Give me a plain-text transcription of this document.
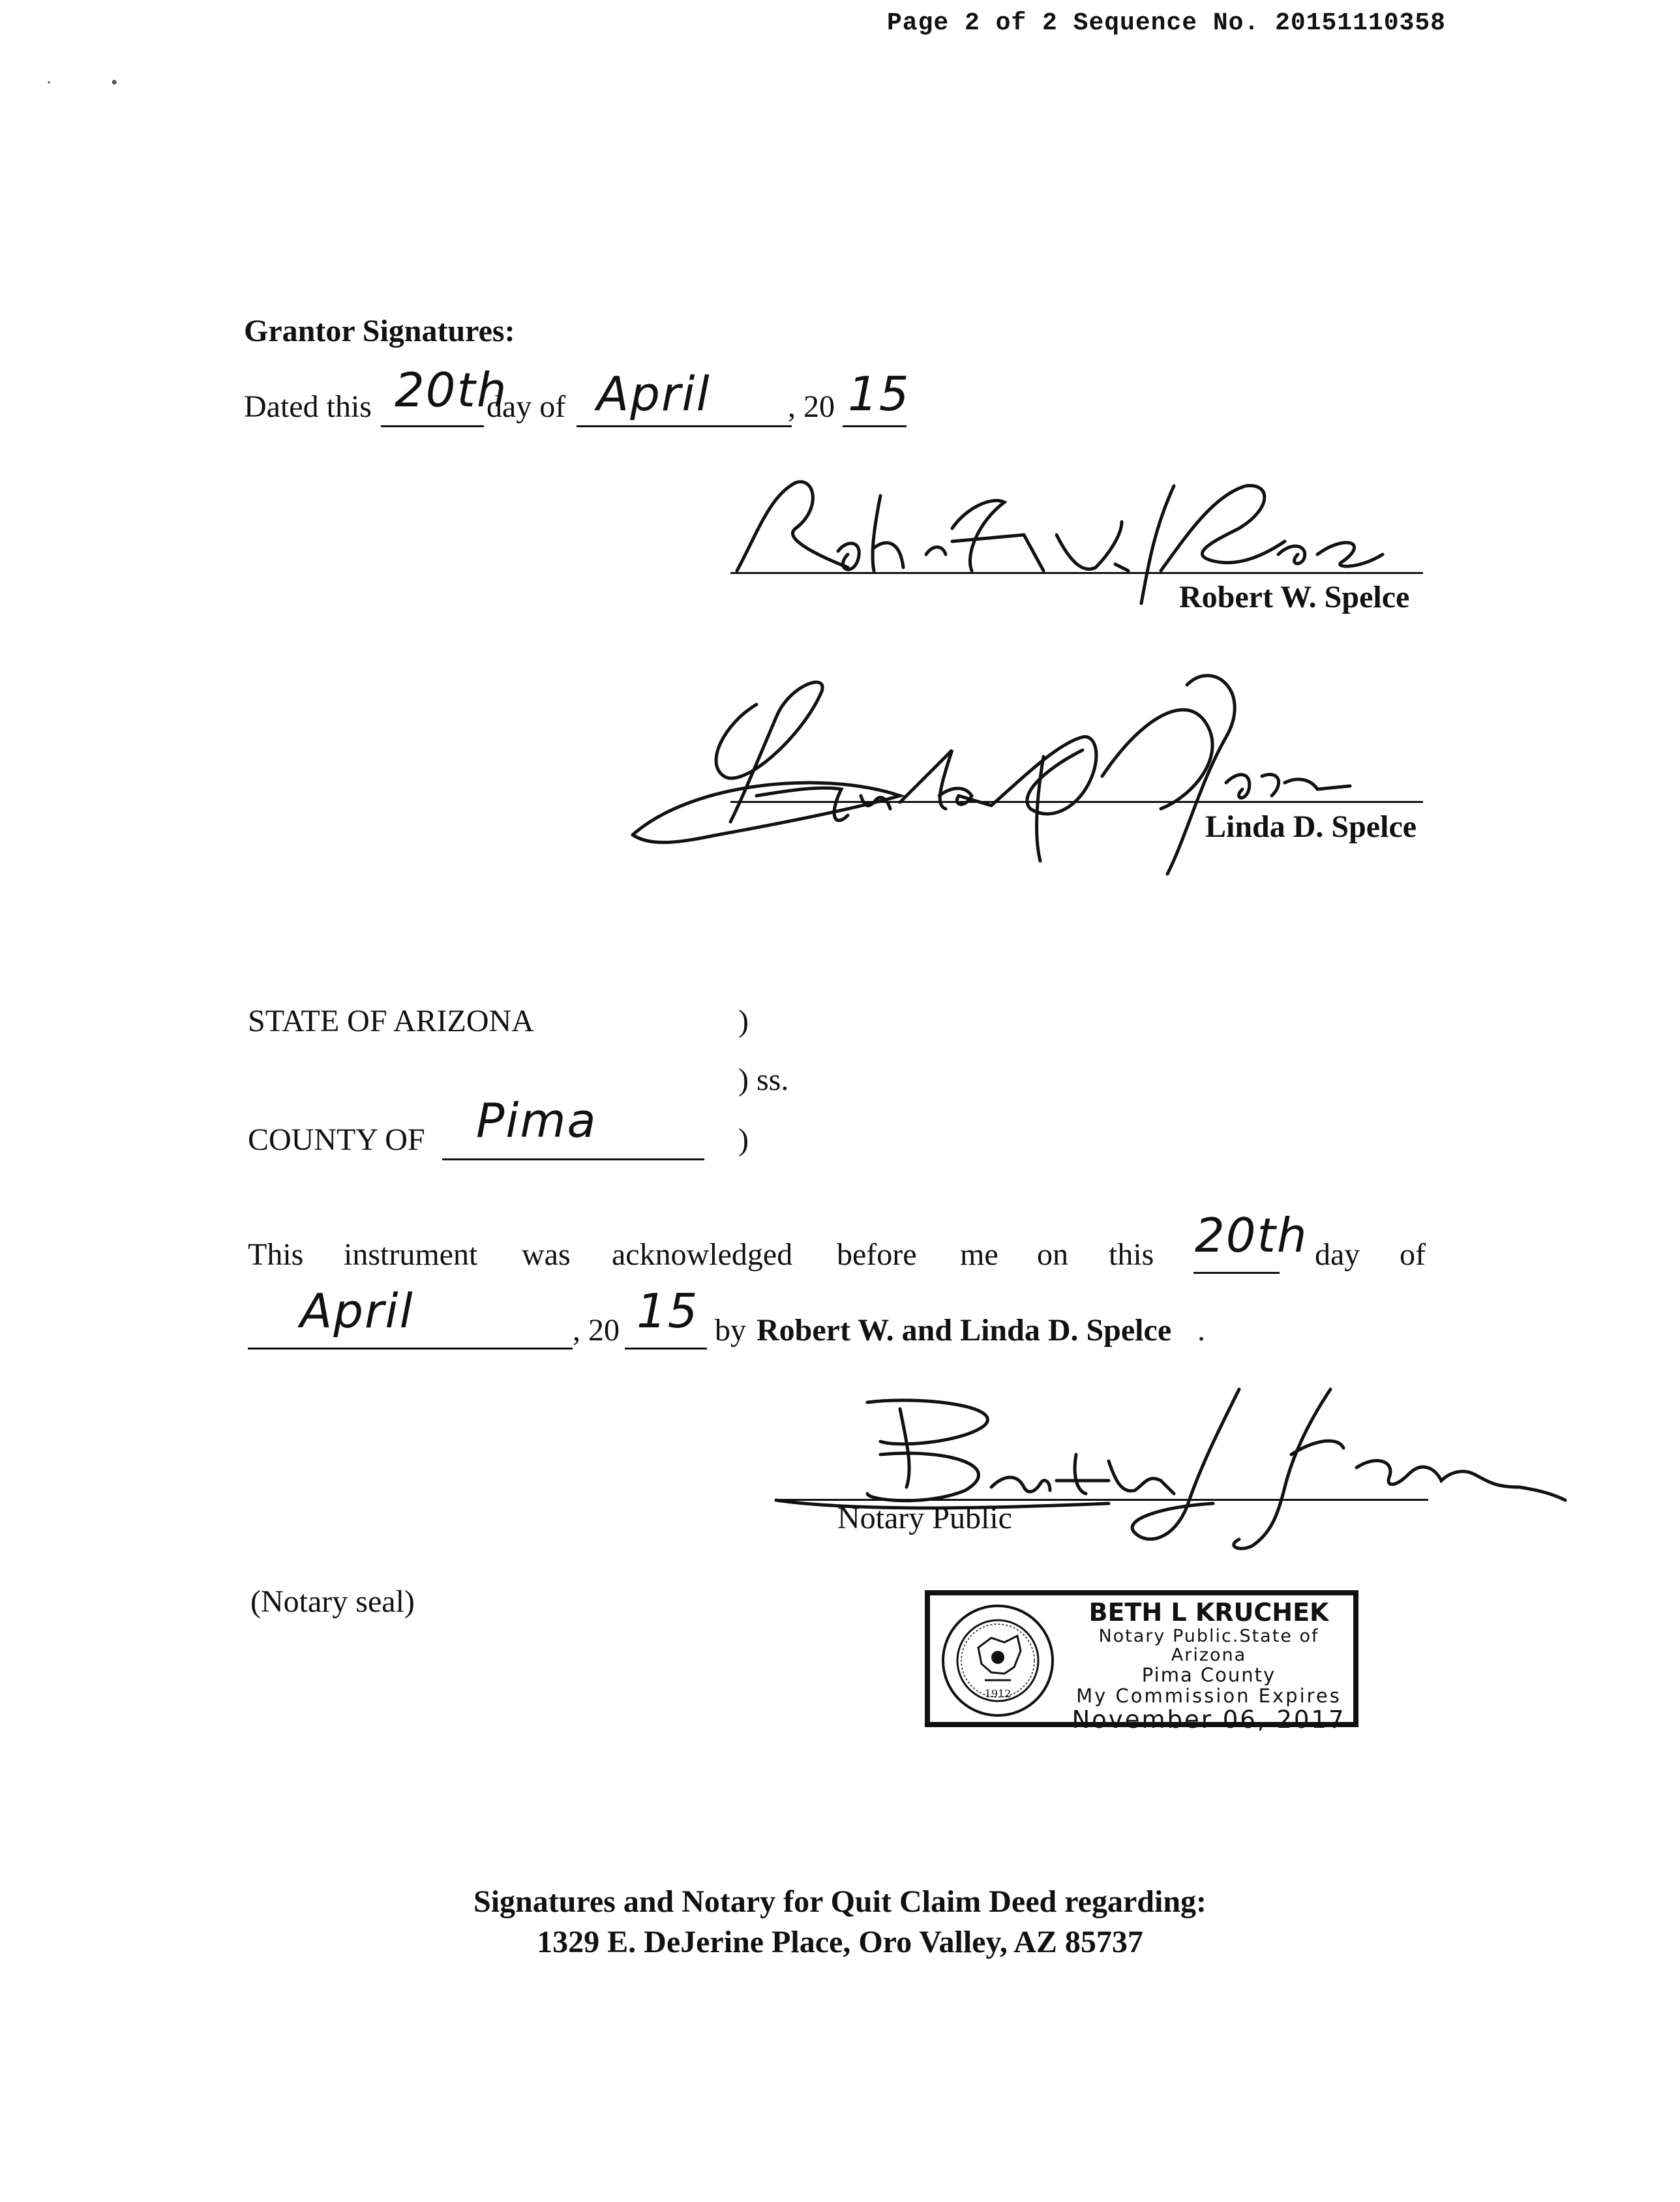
Page 2 of 2 Sequence No. 20151110358
·            •
Grantor Signatures:
Dated this 20th
day of April , 20 15
Robert W. Spelce
Linda D. Spelce
STATE OF ARIZONA	)
) ss.
COUNTY OF Pima	)
This instrument was acknowledged before me on this 20th day of
April	, 20 15 by Robert W. and Linda D. Spelce .
Notary Public
(Notary seal)
1912
BETH L KRUCHEK
Notary Public.State of Arizona
Pima County
My Commission Expires
November 06, 2017
Signatures and Notary for Quit Claim Deed regarding:
1329 E. DeJerine Place, Oro Valley, AZ 85737
